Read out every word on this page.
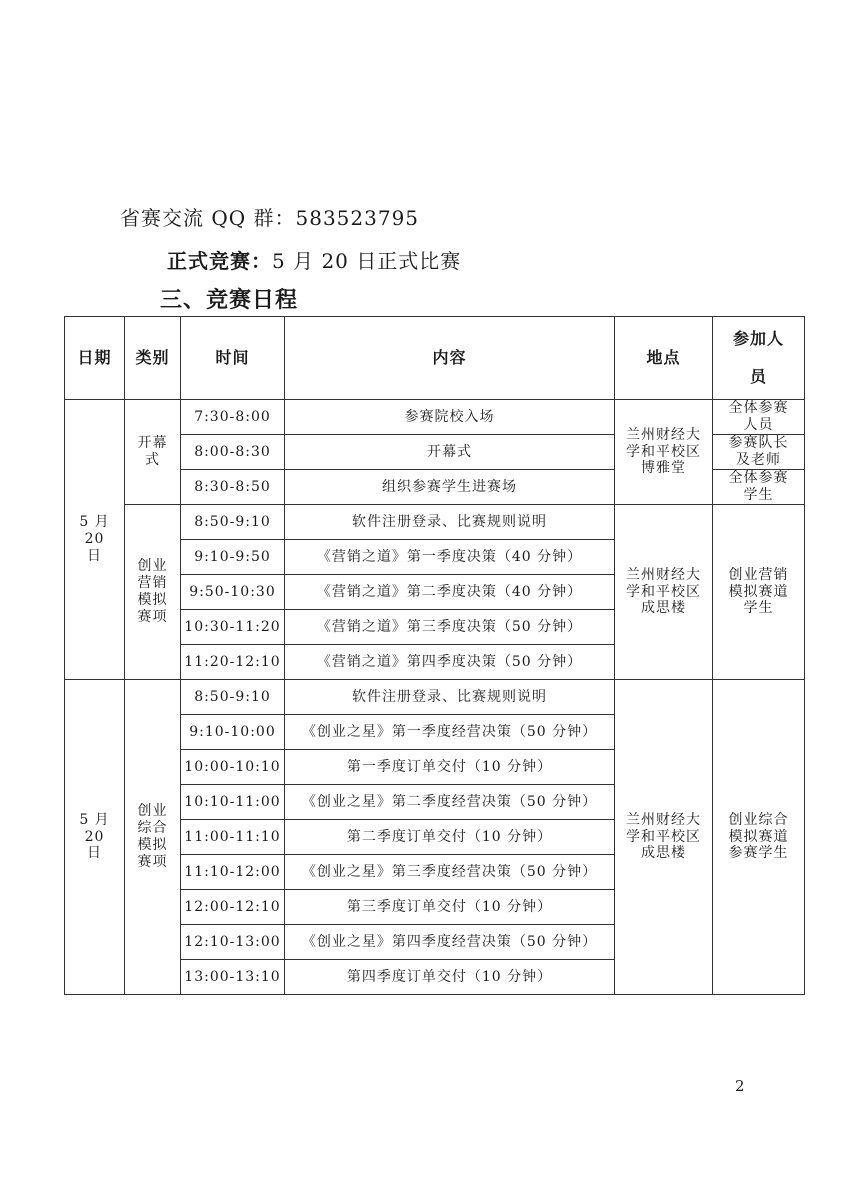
省赛交流 QQ 群：583523795
正式竞赛：5 月 20 日正式比赛
三、竞赛日程
日期	类别	时间	内容	地点	参加人员
5 月 20 日	开幕式	7:30-8:00	参赛院校入场	兰州财经大学和平校区博雅堂	全体参赛人员
		8:00-8:30	开幕式		参赛队长及老师
		8:30-8:50	组织参赛学生进赛场		全体参赛学生
	创业营销模拟赛项	8:50-9:10	软件注册登录、比赛规则说明	兰州财经大学和平校区成思楼	创业营销模拟赛道学生
		9:10-9:50	《营销之道》第一季度决策（40 分钟）		
		9:50-10:30	《营销之道》第二季度决策（40 分钟）		
		10:30-11:20	《营销之道》第三季度决策（50 分钟）		
		11:20-12:10	《营销之道》第四季度决策（50 分钟）		
5 月 20 日	创业综合模拟赛项	8:50-9:10	软件注册登录、比赛规则说明	兰州财经大学和平校区成思楼	创业综合模拟赛道参赛学生
		9:10-10:00	《创业之星》第一季度经营决策（50 分钟）		
		10:00-10:10	第一季度订单交付（10 分钟）		
		10:10-11:00	《创业之星》第二季度经营决策（50 分钟）		
		11:00-11:10	第二季度订单交付（10 分钟）		
		11:10-12:00	《创业之星》第三季度经营决策（50 分钟）		
		12:00-12:10	第三季度订单交付（10 分钟）		
		12:10-13:00	《创业之星》第四季度经营决策（50 分钟）		
		13:00-13:10	第四季度订单交付（10 分钟）		
2
